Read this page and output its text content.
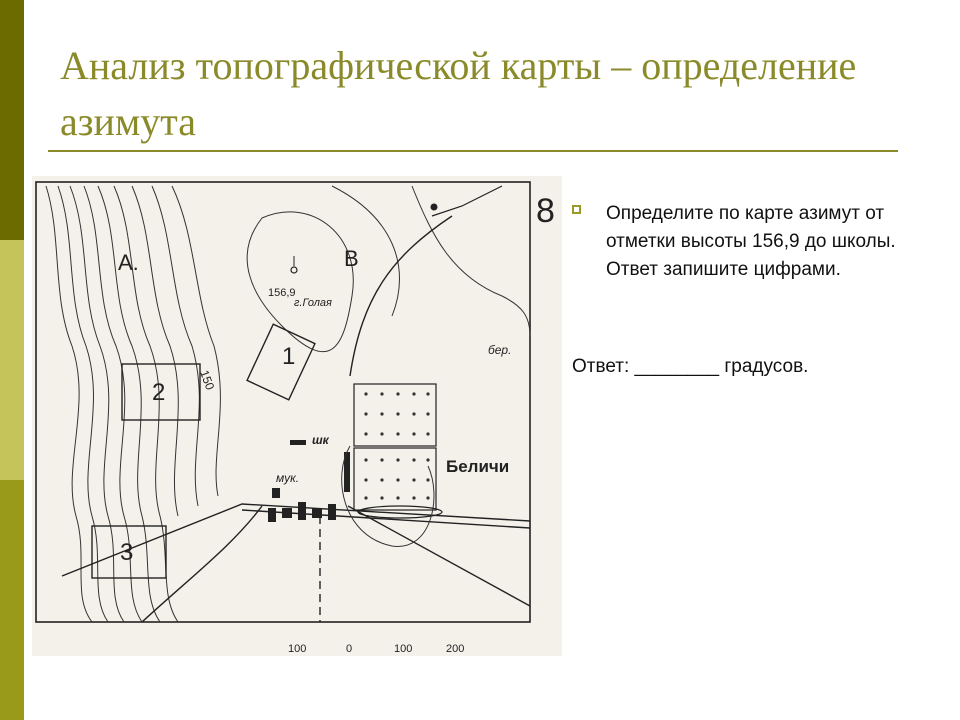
Анализ топографической карты – определение азимута
А.	В
156,9
г.Голая
1
2
3
150
шк
мук.
Беличи
бер.
8
100	0	100	200
Определите по карте азимут от отметки высоты 156,9 до школы. Ответ запишите цифрами.
Ответ: ________ градусов.
